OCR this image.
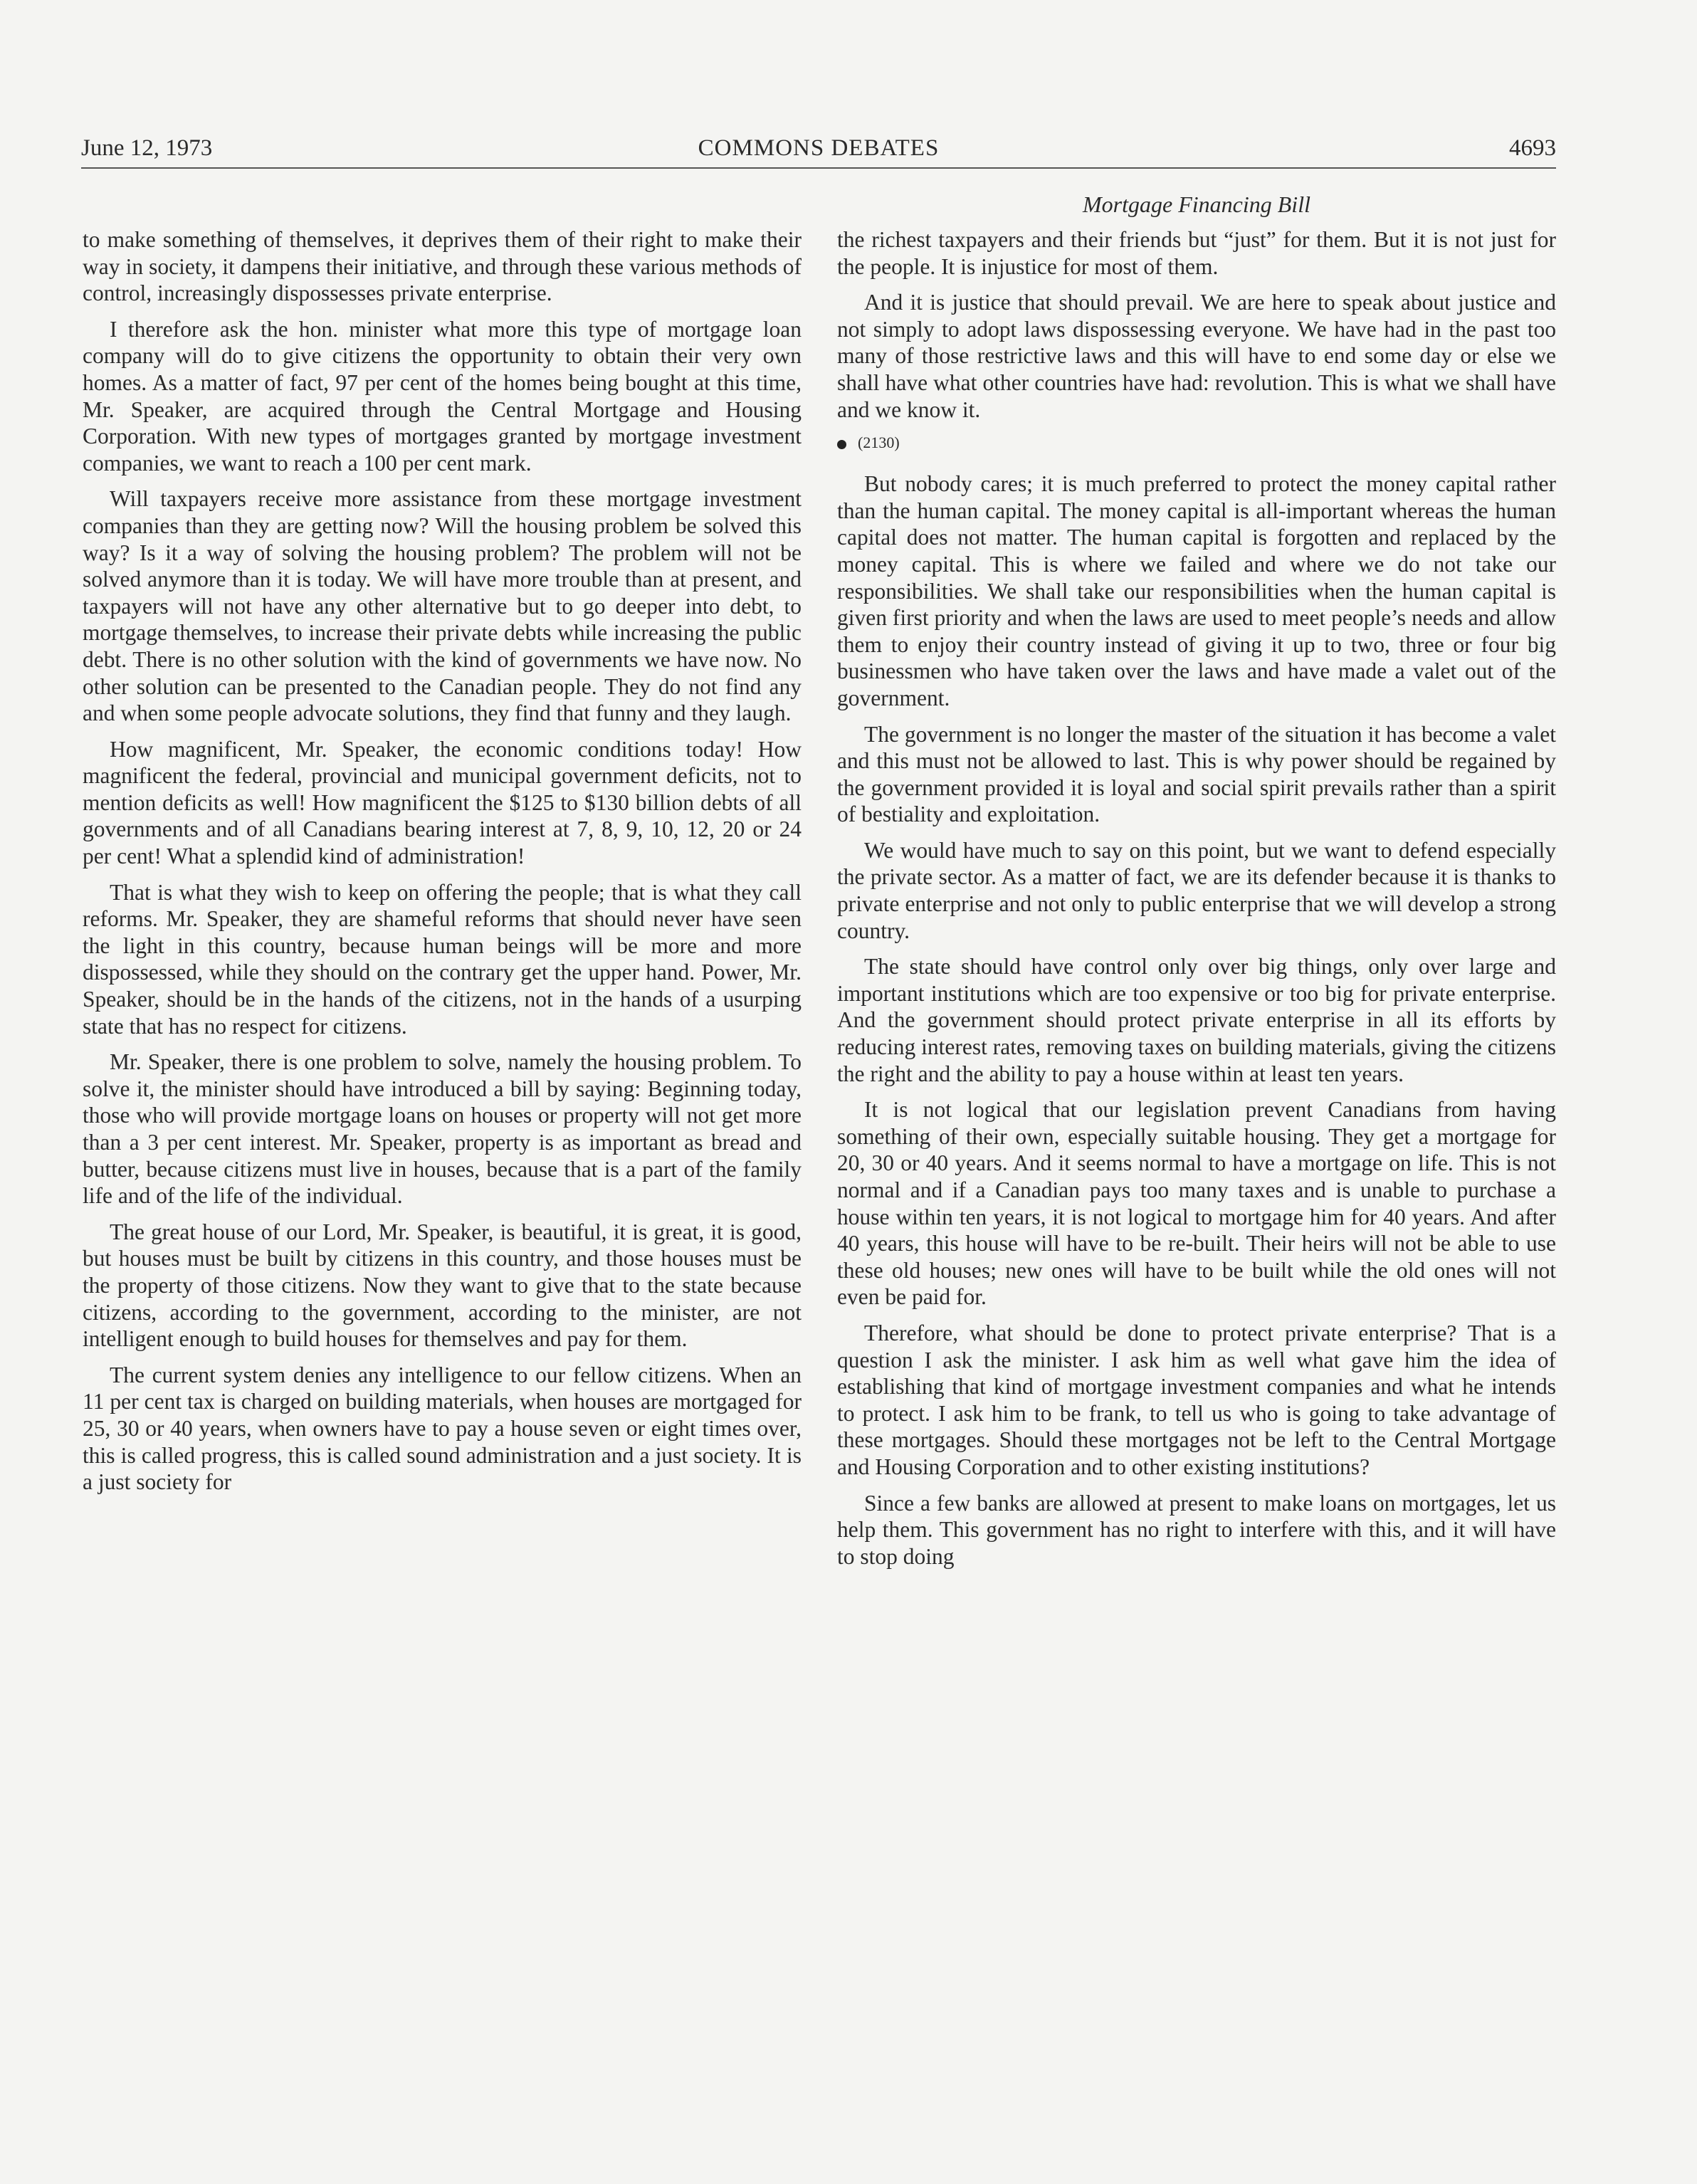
June 12, 1973	COMMONS DEBATES	4693
Mortgage Financing Bill

to make something of themselves, it deprives them of their right to make their way in society, it dampens their initiative, and through these various methods of control, increasingly dispossesses private enterprise.

I therefore ask the hon. minister what more this type of mortgage loan company will do to give citizens the opportunity to obtain their very own homes. As a matter of fact, 97 per cent of the homes being bought at this time, Mr. Speaker, are acquired through the Central Mortgage and Housing Corporation. With new types of mortgages granted by mortgage investment companies, we want to reach a 100 per cent mark.

Will taxpayers receive more assistance from these mortgage investment companies than they are getting now? Will the housing problem be solved this way? Is it a way of solving the housing problem? The problem will not be solved anymore than it is today. We will have more trouble than at present, and taxpayers will not have any other alternative but to go deeper into debt, to mortgage themselves, to increase their private debts while increasing the public debt. There is no other solution with the kind of governments we have now. No other solution can be presented to the Canadian people. They do not find any and when some people advocate solutions, they find that funny and they laugh.

How magnificent, Mr. Speaker, the economic conditions today! How magnificent the federal, provincial and municipal government deficits, not to mention deficits as well! How magnificent the $125 to $130 billion debts of all governments and of all Canadians bearing interest at 7, 8, 9, 10, 12, 20 or 24 per cent! What a splendid kind of administration!

That is what they wish to keep on offering the people; that is what they call reforms. Mr. Speaker, they are shameful reforms that should never have seen the light in this country, because human beings will be more and more dispossessed, while they should on the contrary get the upper hand. Power, Mr. Speaker, should be in the hands of the citizens, not in the hands of a usurping state that has no respect for citizens.

Mr. Speaker, there is one problem to solve, namely the housing problem. To solve it, the minister should have introduced a bill by saying: Beginning today, those who will provide mortgage loans on houses or property will not get more than a 3 per cent interest. Mr. Speaker, property is as important as bread and butter, because citizens must live in houses, because that is a part of the family life and of the life of the individual.

The great house of our Lord, Mr. Speaker, is beautiful, it is great, it is good, but houses must be built by citizens in this country, and those houses must be the property of those citizens. Now they want to give that to the state because citizens, according to the government, according to the minister, are not intelligent enough to build houses for themselves and pay for them.

The current system denies any intelligence to our fellow citizens. When an 11 per cent tax is charged on building materials, when houses are mortgaged for 25, 30 or 40 years, when owners have to pay a house seven or eight times over, this is called progress, this is called sound administration and a just society. It is a just society for

the richest taxpayers and their friends but “just” for them. But it is not just for the people. It is injustice for most of them.

And it is justice that should prevail. We are here to speak about justice and not simply to adopt laws dispossessing everyone. We have had in the past too many of those restrictive laws and this will have to end some day or else we shall have what other countries have had: revolution. This is what we shall have and we know it.

(2130)

But nobody cares; it is much preferred to protect the money capital rather than the human capital. The money capital is all-important whereas the human capital does not matter. The human capital is forgotten and replaced by the money capital. This is where we failed and where we do not take our responsibilities. We shall take our responsibilities when the human capital is given first priority and when the laws are used to meet people’s needs and allow them to enjoy their country instead of giving it up to two, three or four big businessmen who have taken over the laws and have made a valet out of the government.

The government is no longer the master of the situation it has become a valet and this must not be allowed to last. This is why power should be regained by the government provided it is loyal and social spirit prevails rather than a spirit of bestiality and exploitation.

We would have much to say on this point, but we want to defend especially the private sector. As a matter of fact, we are its defender because it is thanks to private enterprise and not only to public enterprise that we will develop a strong country.

The state should have control only over big things, only over large and important institutions which are too expensive or too big for private enterprise. And the government should protect private enterprise in all its efforts by reducing interest rates, removing taxes on building materials, giving the citizens the right and the ability to pay a house within at least ten years.

It is not logical that our legislation prevent Canadians from having something of their own, especially suitable housing. They get a mortgage for 20, 30 or 40 years. And it seems normal to have a mortgage on life. This is not normal and if a Canadian pays too many taxes and is unable to purchase a house within ten years, it is not logical to mortgage him for 40 years. And after 40 years, this house will have to be re-built. Their heirs will not be able to use these old houses; new ones will have to be built while the old ones will not even be paid for.

Therefore, what should be done to protect private enterprise? That is a question I ask the minister. I ask him as well what gave him the idea of establishing that kind of mortgage investment companies and what he intends to protect. I ask him to be frank, to tell us who is going to take advantage of these mortgages. Should these mortgages not be left to the Central Mortgage and Housing Corporation and to other existing institutions?

Since a few banks are allowed at present to make loans on mortgages, let us help them. This government has no right to interfere with this, and it will have to stop doing
